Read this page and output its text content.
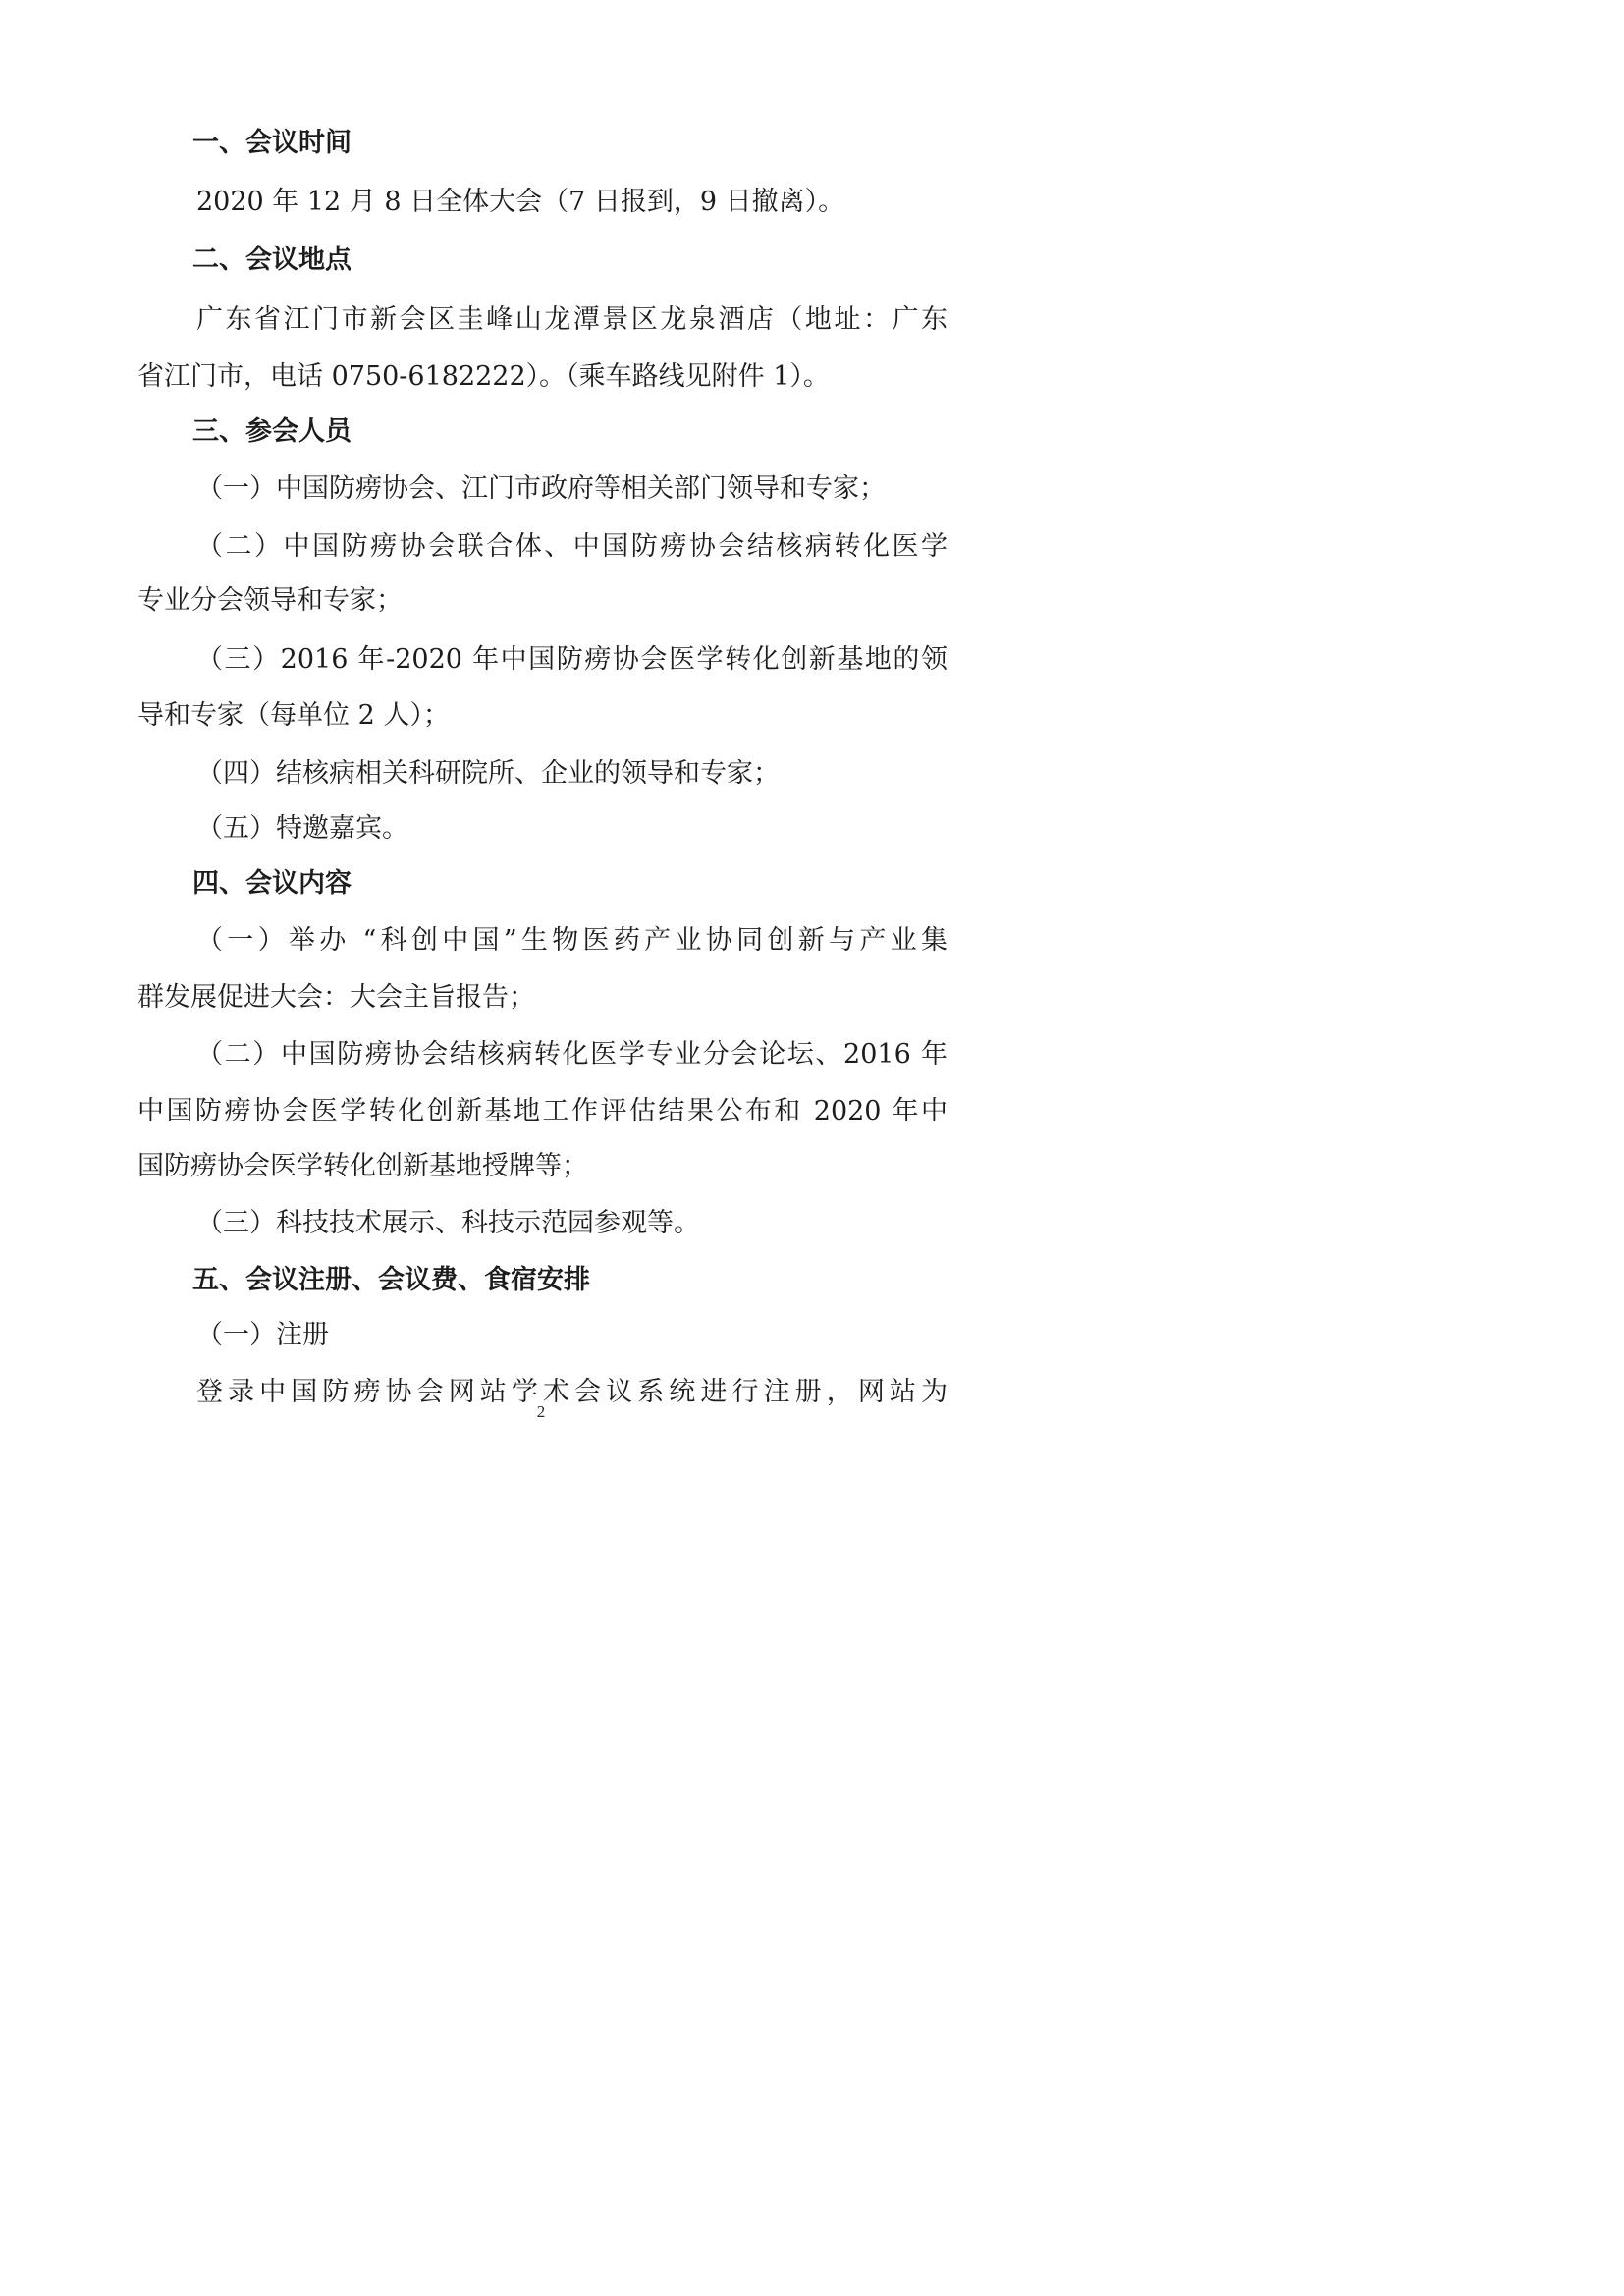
一、会议时间
2020 年 12 月 8 日全体大会（7 日报到，9 日撤离）。
二、会议地点
广东省江门市新会区圭峰山龙潭景区龙泉酒店（地址：广东
省江门市，电话 0750-6182222）。（乘车路线见附件 1）。
三、参会人员
（一）中国防痨协会、江门市政府等相关部门领导和专家；
（二）中国防痨协会联合体、中国防痨协会结核病转化医学
专业分会领导和专家；
（三）2016 年-2020 年中国防痨协会医学转化创新基地的领
导和专家（每单位 2 人）；
（四）结核病相关科研院所、企业的领导和专家；
（五）特邀嘉宾。
四、会议内容
（一）举办 “科创中国”生物医药产业协同创新与产业集
群发展促进大会：大会主旨报告；
（二）中国防痨协会结核病转化医学专业分会论坛、2016 年
中国防痨协会医学转化创新基地工作评估结果公布和 2020 年中
国防痨协会医学转化创新基地授牌等；
（三）科技技术展示、科技示范园参观等。
五、会议注册、会议费、食宿安排
（一）注册
登录中国防痨协会网站学术会议系统进行注册，网站为
2
